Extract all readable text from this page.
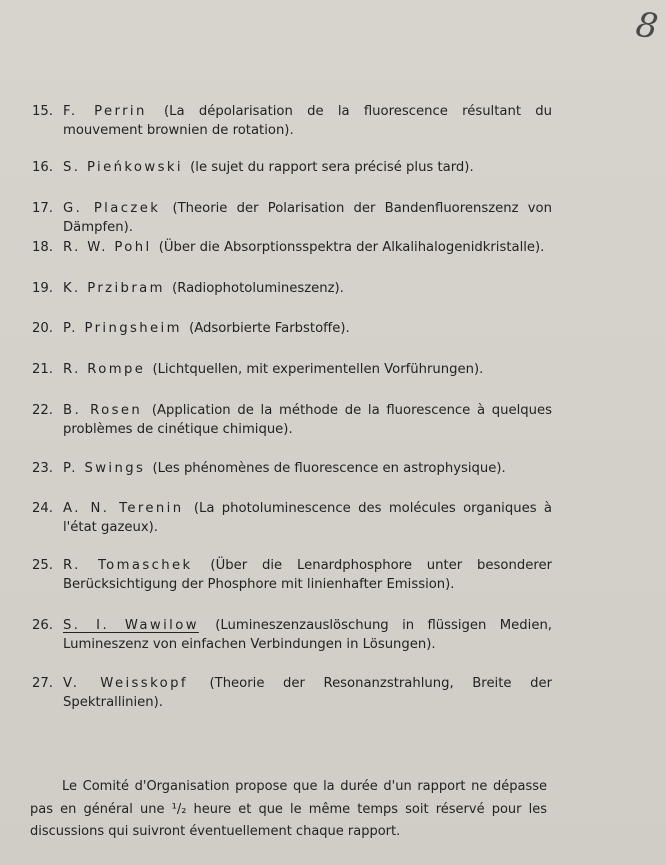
8
15. F. Perrin (La dépolarisation de la fluorescence résultant du mouvement brownien de rotation).
16. S. Pieńkowski (le sujet du rapport sera précisé plus tard).
17. G. Placzek (Theorie der Polarisation der Bandenfluorenszenz von Dämpfen).
18. R. W. Pohl (Über die Absorptionsspektra der Alkalihalogenidkristalle).
19. K. Przibram (Radiophotolumineszenz).
20. P. Pringsheim (Adsorbierte Farbstoffe).
21. R. Rompe (Lichtquellen, mit experimentellen Vorführungen).
22. B. Rosen (Application de la méthode de la fluorescence à quelques problèmes de cinétique chimique).
23. P. Swings (Les phénomènes de fluorescence en astrophysique).
24. A. N. Terenin (La photoluminescence des molécules organiques à l'état gazeux).
25. R. Tomaschek (Über die Lenardphosphore unter besonderer Berücksichtigung der Phosphore mit linienhafter Emission).
26. S. I. Wawilow (Lumineszenzauslöschung in flüssigen Medien, Lumineszenz von einfachen Verbindungen in Lösungen).
27. V. Weisskopf (Theorie der Resonanzstrahlung, Breite der Spektrallinien).
Le Comité d'Organisation propose que la durée d'un rapport ne dépasse pas en général une ¹/₂ heure et que le même temps soit réservé pour les discussions qui suivront éventuellement chaque rapport.
